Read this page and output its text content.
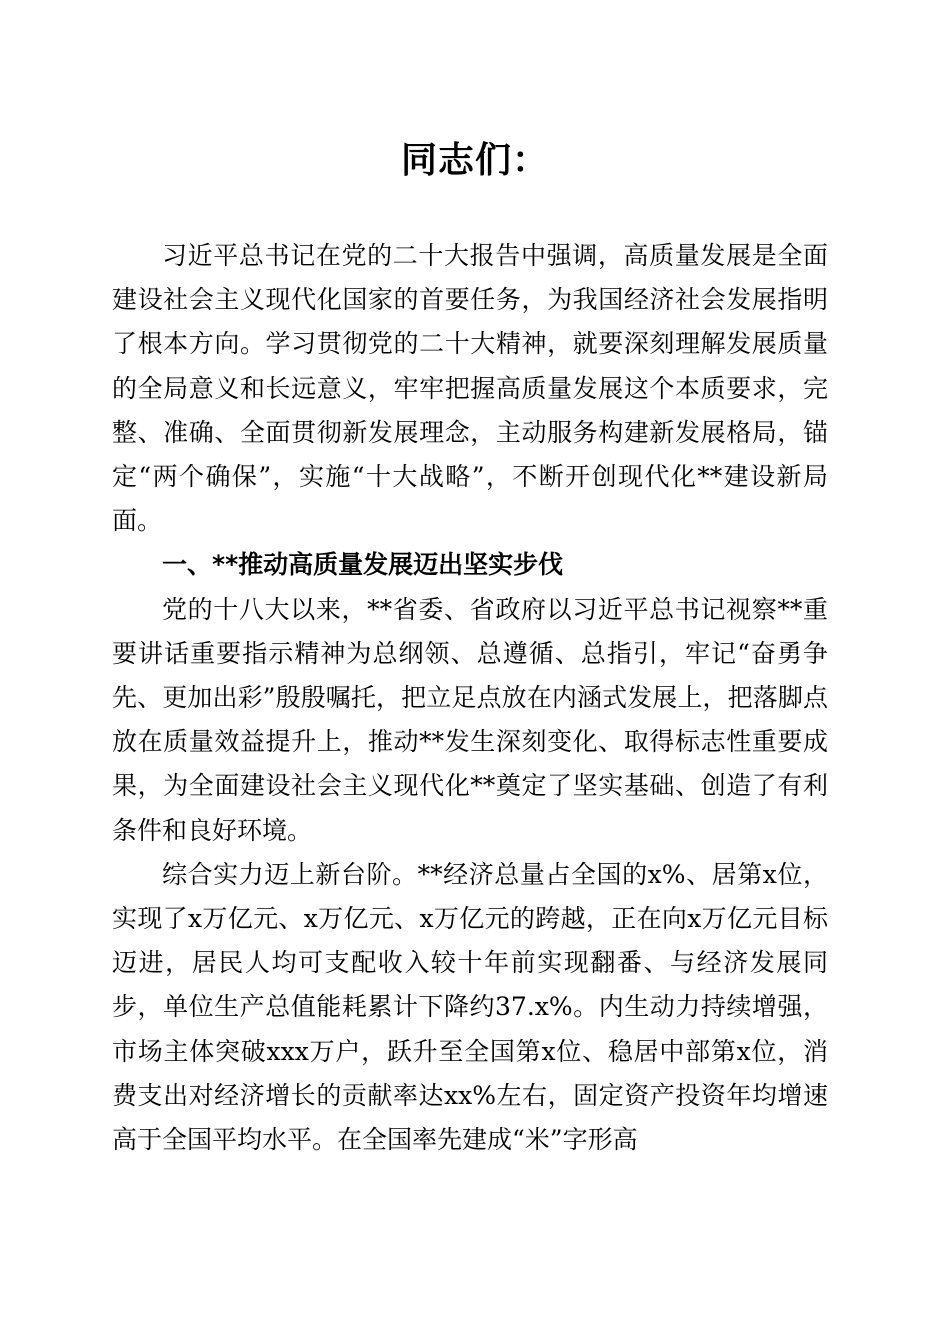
同志们：

习近平总书记在党的二十大报告中强调，高质量发展是全面建设社会主义现代化国家的首要任务，为我国经济社会发展指明了根本方向。学习贯彻党的二十大精神，就要深刻理解发展质量的全局意义和长远意义，牢牢把握高质量发展这个本质要求，完整、准确、全面贯彻新发展理念，主动服务构建新发展格局，锚定“两个确保”，实施“十大战略”，不断开创现代化**建设新局面。

一、**推动高质量发展迈出坚实步伐

党的十八大以来，**省委、省政府以习近平总书记视察**重要讲话重要指示精神为总纲领、总遵循、总指引，牢记“奋勇争先、更加出彩”殷殷嘱托，把立足点放在内涵式发展上，把落脚点放在质量效益提升上，推动**发生深刻变化、取得标志性重要成果，为全面建设社会主义现代化**奠定了坚实基础、创造了有利条件和良好环境。

综合实力迈上新台阶。**经济总量占全国的x%、居第x位，实现了x万亿元、x万亿元、x万亿元的跨越，正在向x万亿元目标迈进，居民人均可支配收入较十年前实现翻番、与经济发展同步，单位生产总值能耗累计下降约37.x%。内生动力持续增强，市场主体突破xxx万户，跃升至全国第x位、稳居中部第x位，消费支出对经济增长的贡献率达xx%左右，固定资产投资年均增速高于全国平均水平。在全国率先建成“米”字形高
